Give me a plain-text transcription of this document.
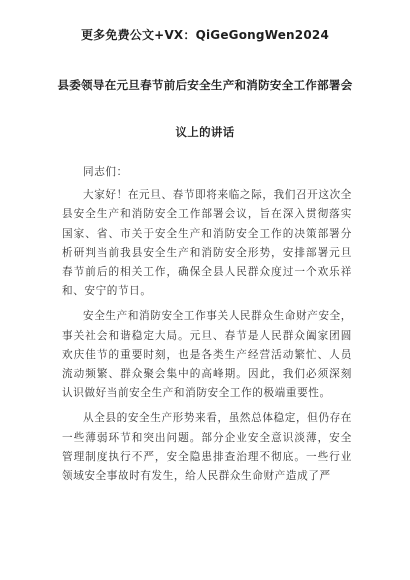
更多免费公文+VX：QiGeGongWen2024
县委领导在元旦春节前后安全生产和消防安全工作部署会
议上的讲话

同志们：

大家好！在元旦、春节即将来临之际，我们召开这次全县安全生产和消防安全工作部署会议，旨在深入贯彻落实国家、省、市关于安全生产和消防安全工作的决策部署分析研判当前我县安全生产和消防安全形势，安排部署元旦春节前后的相关工作，确保全县人民群众度过一个欢乐祥和、安宁的节日。

安全生产和消防安全工作事关人民群众生命财产安全，事关社会和谐稳定大局。元旦、春节是人民群众阖家团圆欢庆佳节的重要时刻，也是各类生产经营活动繁忙、人员流动频繁、群众聚会集中的高峰期。因此，我们必须深刻认识做好当前安全生产和消防安全工作的极端重要性。

从全县的安全生产形势来看，虽然总体稳定，但仍存在一些薄弱环节和突出问题。部分企业安全意识淡薄，安全管理制度执行不严，安全隐患排查治理不彻底。一些行业领域安全事故时有发生，给人民群众生命财产造成了严
